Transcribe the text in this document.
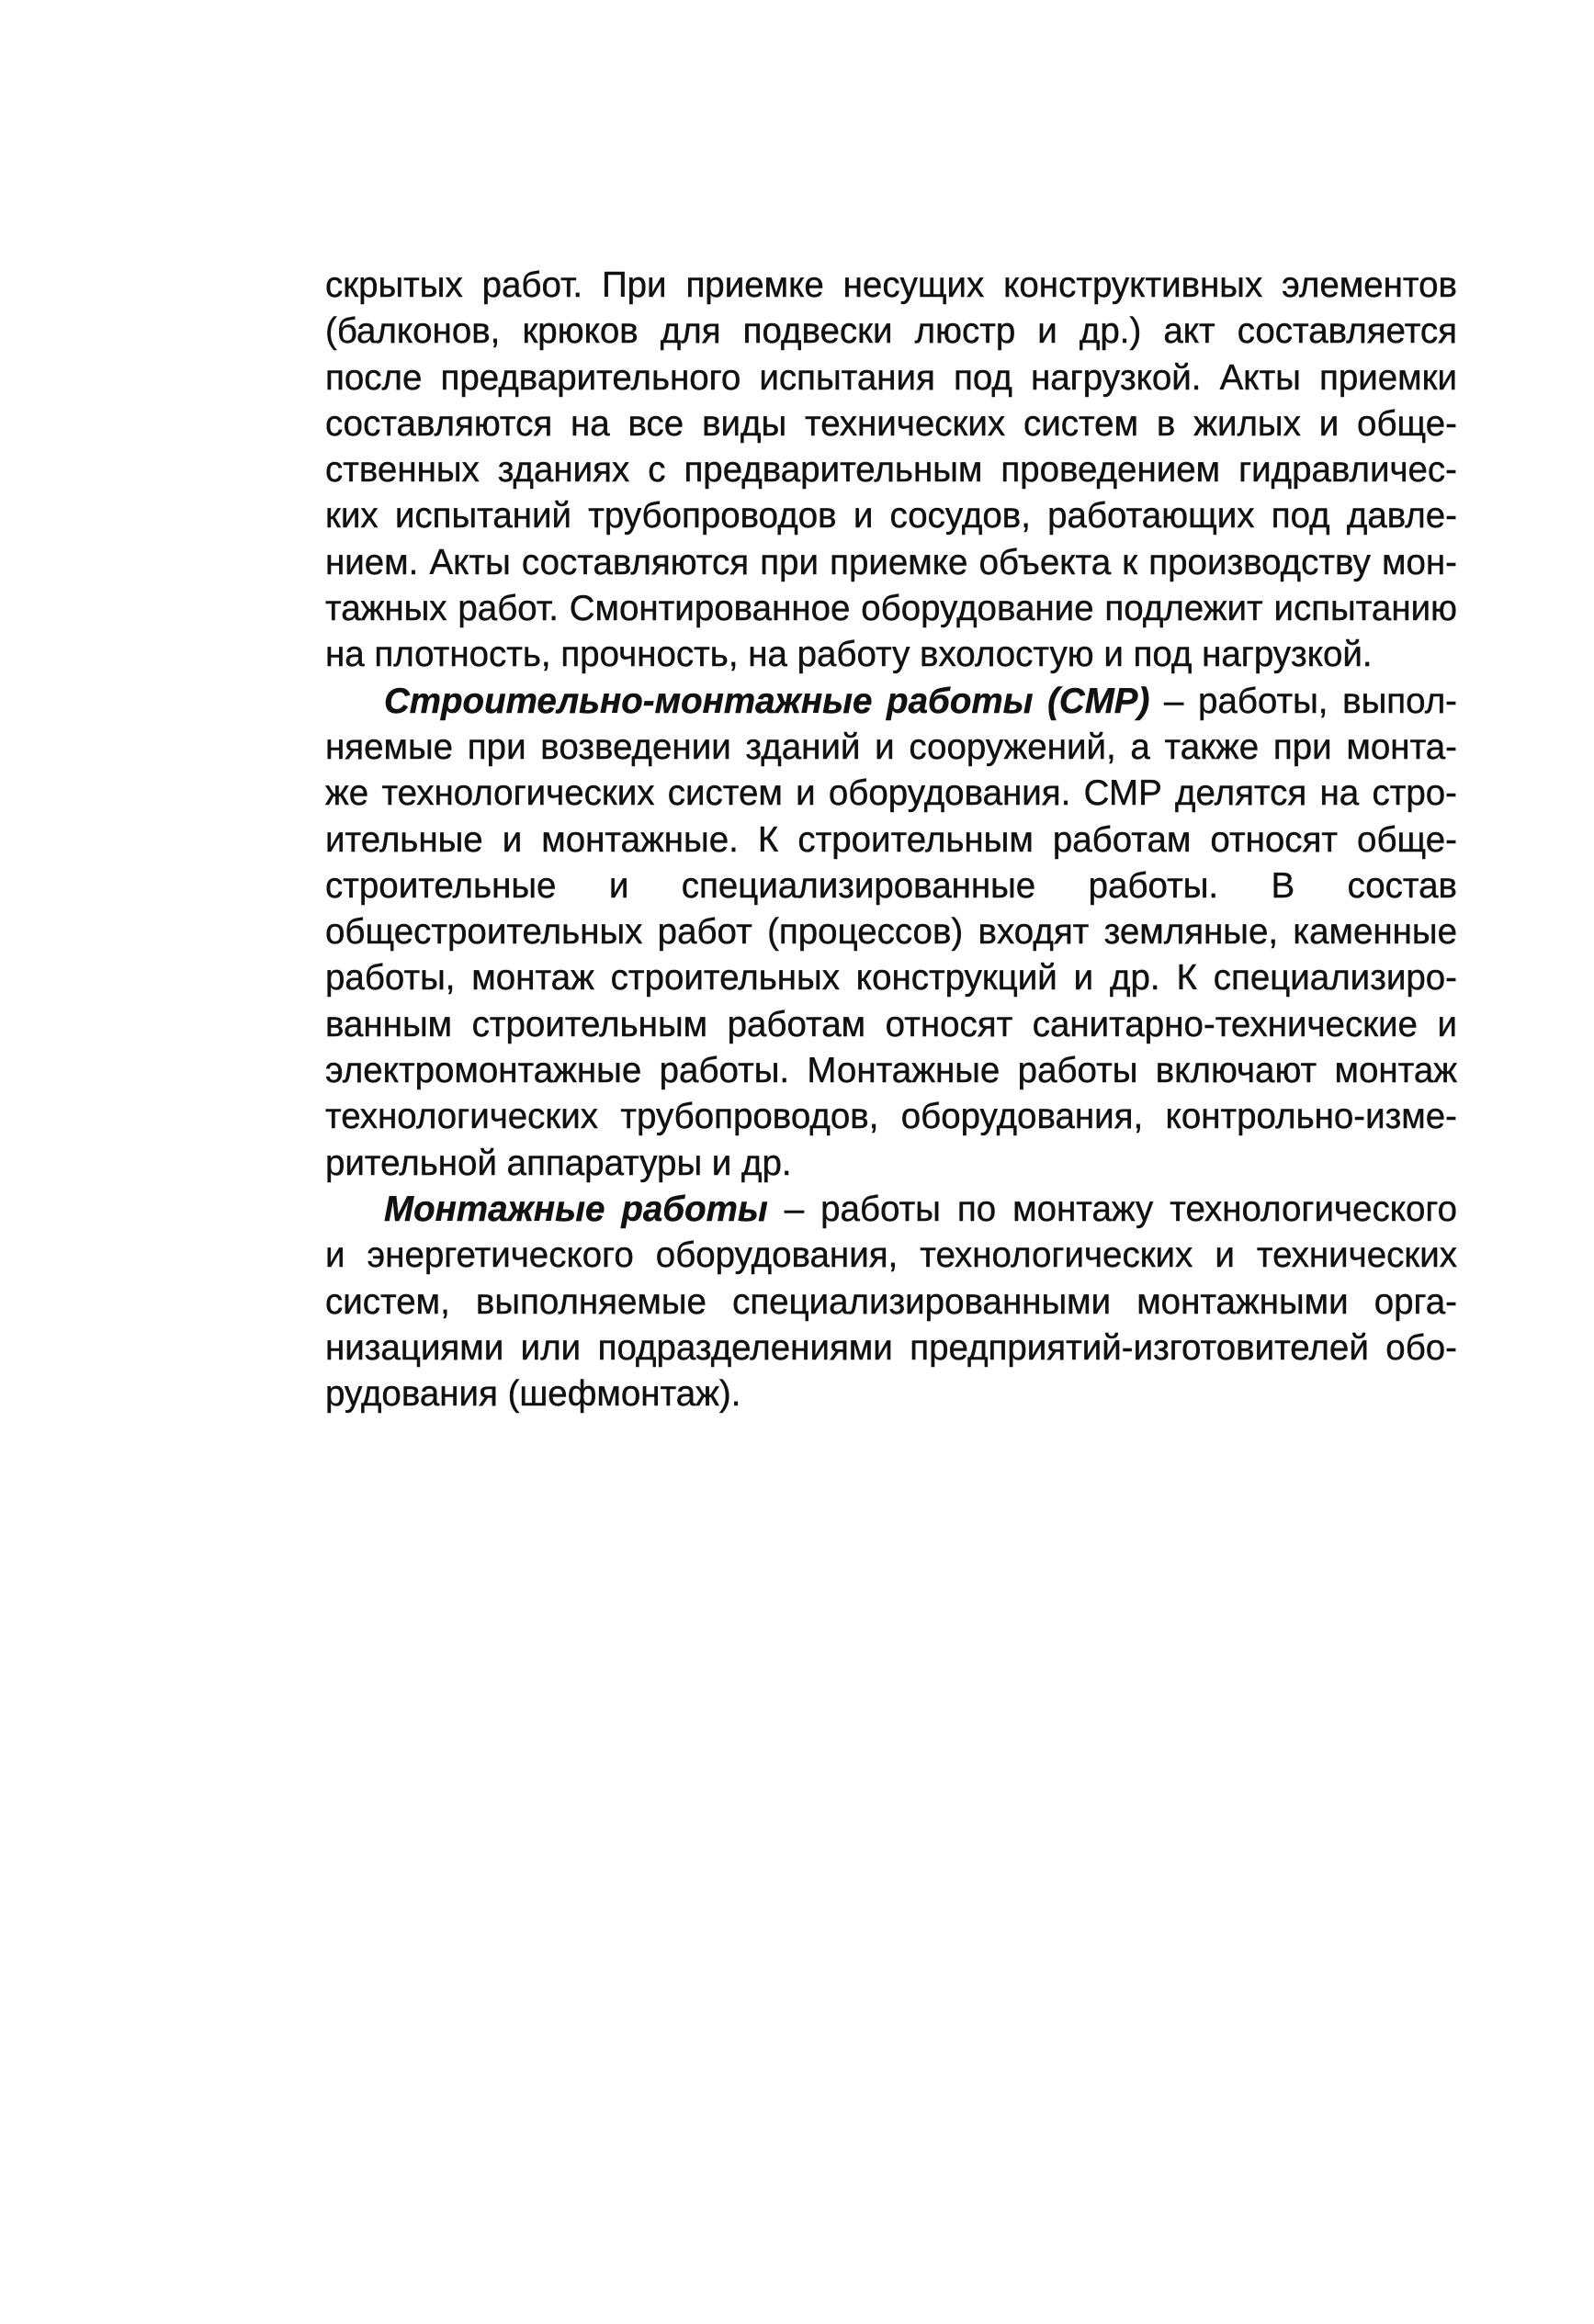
скрытых работ. При приемке несущих конструктивных элементов
(балконов, крюков для подвески люстр и др.) акт составляется
после предварительного испытания под нагрузкой. Акты приемки
составляются на все виды технических систем в жилых и обще-
ственных зданиях с предварительным проведением гидравличес-
ких испытаний трубопроводов и сосудов, работающих под давле-
нием. Акты составляются при приемке объекта к производству мон-
тажных работ. Смонтированное оборудование подлежит испытанию
на плотность, прочность, на работу вхолостую и под нагрузкой.
Строительно-монтажные работы (СМР) – работы, выпол-
няемые при возведении зданий и сооружений, а также при монта-
же технологических систем и оборудования. СМР делятся на стро-
ительные и монтажные. К строительным работам относят обще-
строительные и специализированные работы. В состав
общестроительных работ (процессов) входят земляные, каменные
работы, монтаж строительных конструкций и др. К специализиро-
ванным строительным работам относят санитарно-технические и
электромонтажные работы. Монтажные работы включают монтаж
технологических трубопроводов, оборудования, контрольно-изме-
рительной аппаратуры и др.
Монтажные работы – работы по монтажу технологического
и энергетического оборудования, технологических и технических
систем, выполняемые специализированными монтажными орга-
низациями или подразделениями предприятий-изготовителей обо-
рудования (шефмонтаж).
